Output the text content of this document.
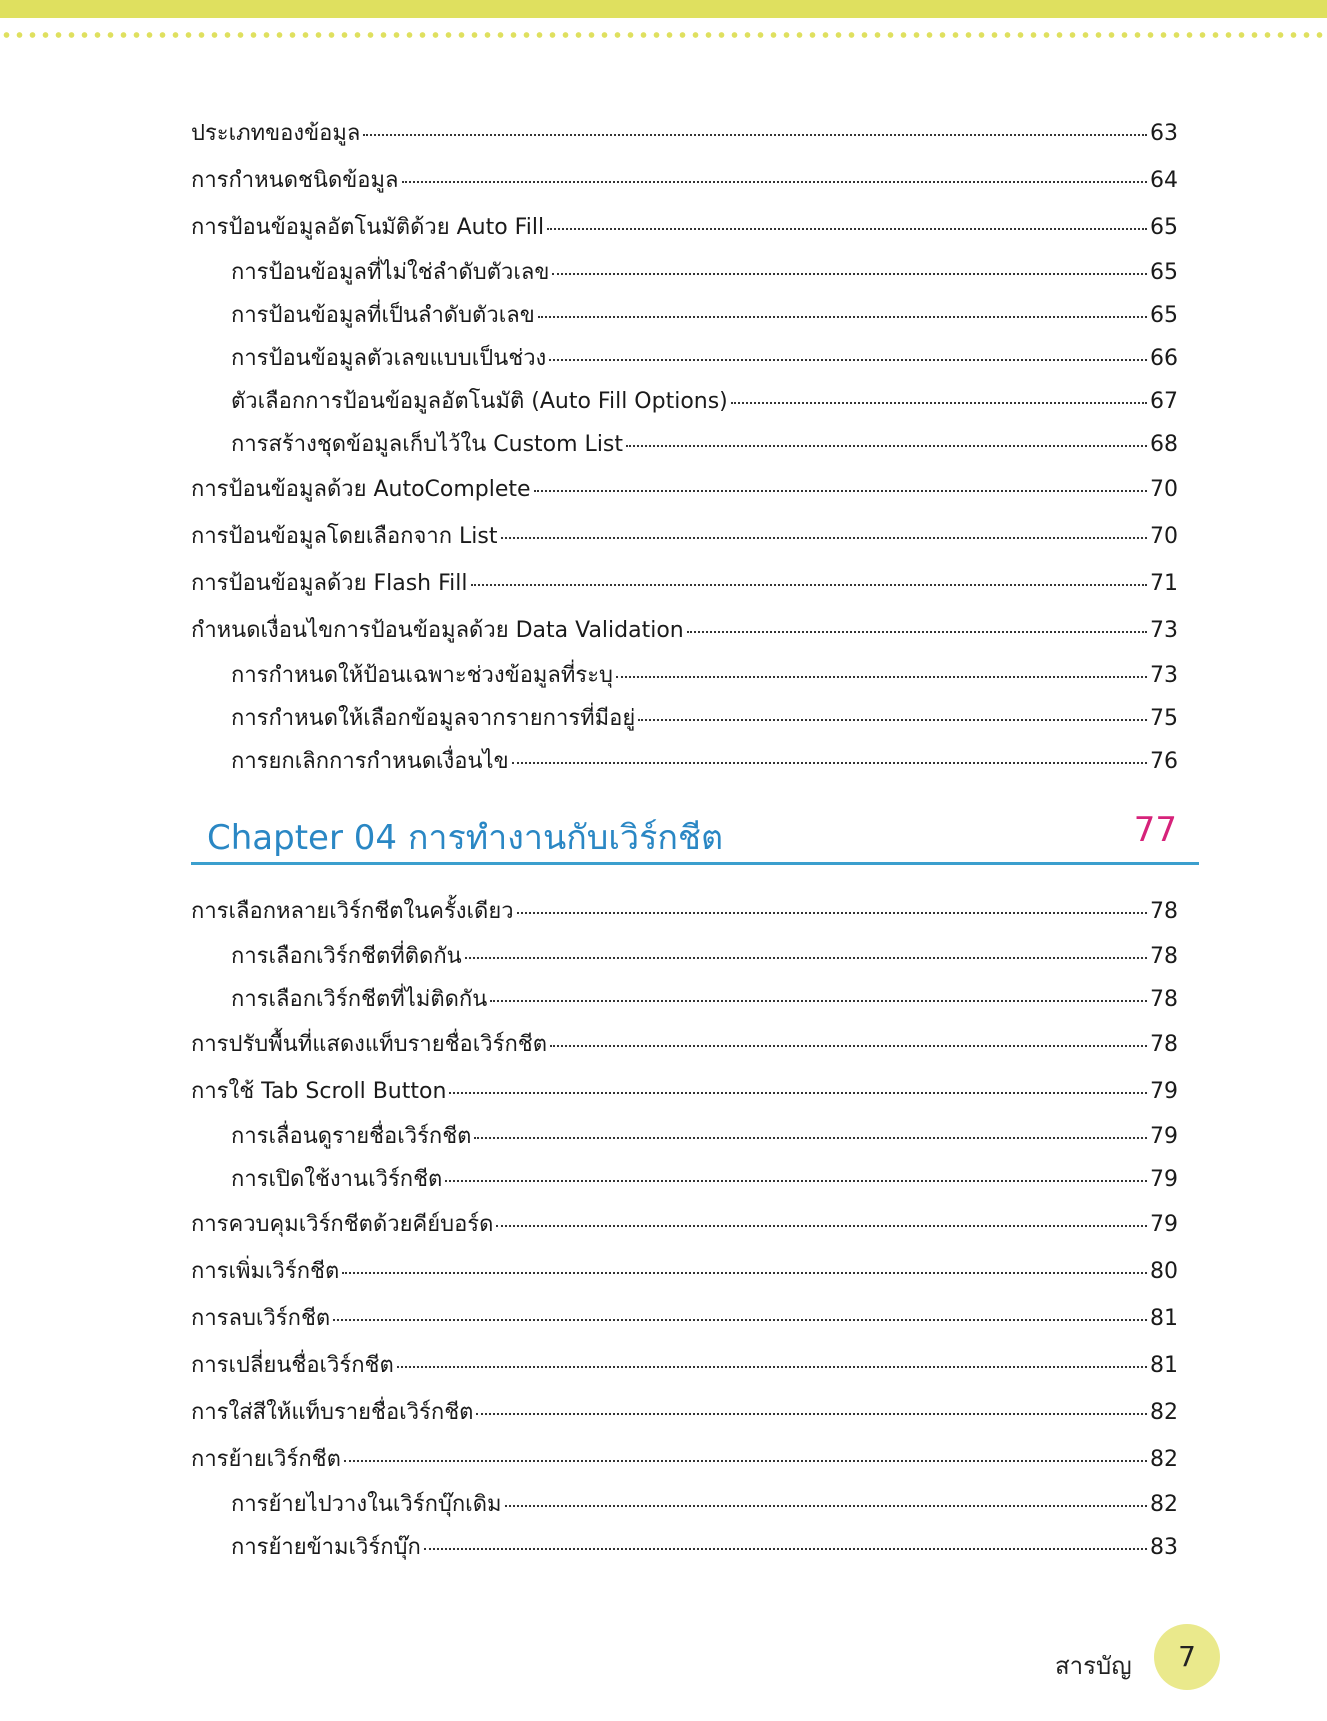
ประเภทของข้อมูล	63
การกำหนดชนิดข้อมูล	64
การป้อนข้อมูลอัตโนมัติด้วย Auto Fill	65
การป้อนข้อมูลที่ไม่ใช่ลำดับตัวเลข	65
การป้อนข้อมูลที่เป็นลำดับตัวเลข	65
การป้อนข้อมูลตัวเลขแบบเป็นช่วง	66
ตัวเลือกการป้อนข้อมูลอัตโนมัติ (Auto Fill Options)	67
การสร้างชุดข้อมูลเก็บไว้ใน Custom List	68
การป้อนข้อมูลด้วย AutoComplete	70
การป้อนข้อมูลโดยเลือกจาก List	70
การป้อนข้อมูลด้วย Flash Fill	71
กำหนดเงื่อนไขการป้อนข้อมูลด้วย Data Validation	73
การกำหนดให้ป้อนเฉพาะช่วงข้อมูลที่ระบุ	73
การกำหนดให้เลือกข้อมูลจากรายการที่มีอยู่	75
การยกเลิกการกำหนดเงื่อนไข	76
Chapter 04 การทำงานกับเวิร์กชีต	77
การเลือกหลายเวิร์กชีตในครั้งเดียว	78
การเลือกเวิร์กชีตที่ติดกัน	78
การเลือกเวิร์กชีตที่ไม่ติดกัน	78
การปรับพื้นที่แสดงแท็บรายชื่อเวิร์กชีต	78
การใช้ Tab Scroll Button	79
การเลื่อนดูรายชื่อเวิร์กชีต	79
การเปิดใช้งานเวิร์กชีต	79
การควบคุมเวิร์กชีตด้วยคีย์บอร์ด	79
การเพิ่มเวิร์กชีต	80
การลบเวิร์กชีต	81
การเปลี่ยนชื่อเวิร์กชีต	81
การใส่สีให้แท็บรายชื่อเวิร์กชีต	82
การย้ายเวิร์กชีต	82
การย้ายไปวางในเวิร์กบุ๊กเดิม	82
การย้ายข้ามเวิร์กบุ๊ก	83
สารบัญ	7
